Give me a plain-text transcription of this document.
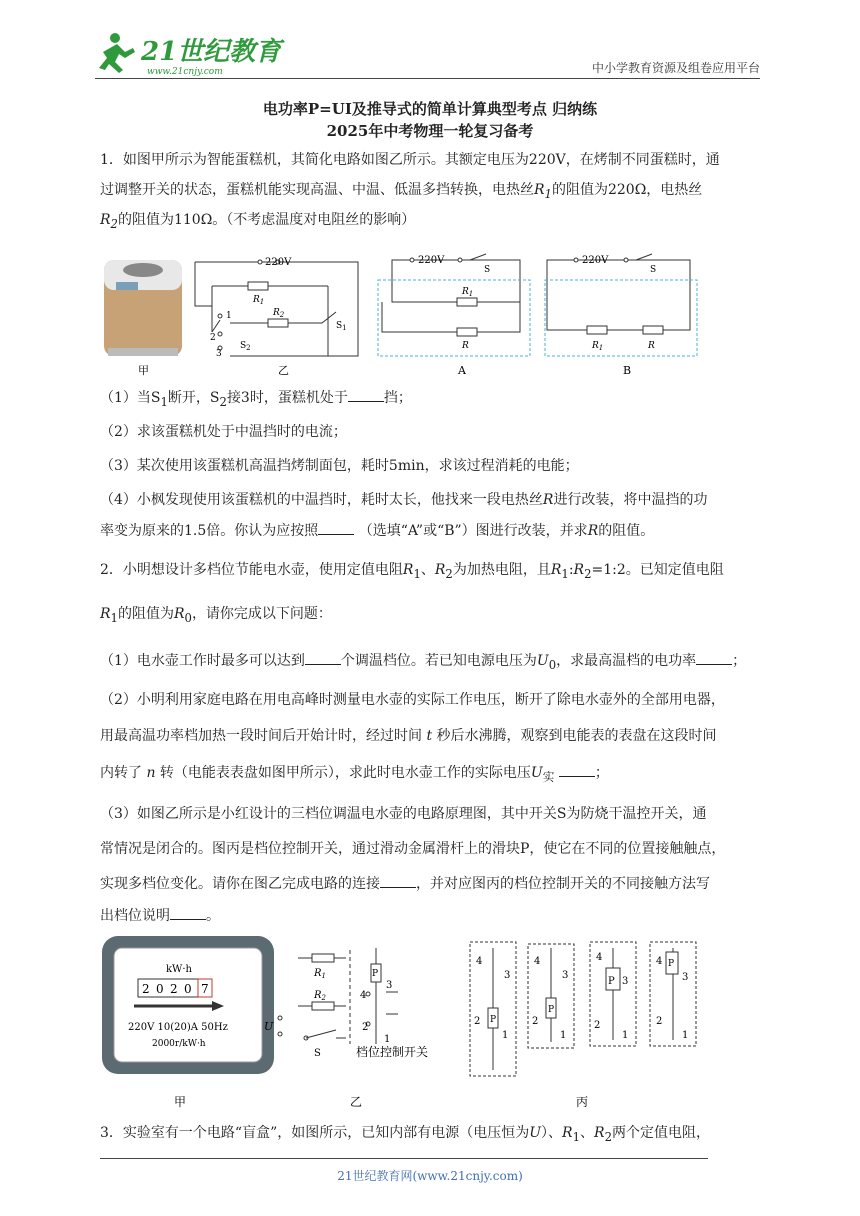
21世纪教育
www.21cnjy.com	中小学教育资源及组卷应用平台
电功率P=UI及推导式的简单计算典型考点 归纳练
2025年中考物理一轮复习备考
1．如图甲所示为智能蛋糕机，其简化电路如图乙所示。其额定电压为220V，在烤制不同蛋糕时，通
过调整开关的状态，蛋糕机能实现高温、中温、低温多挡转换，电热丝$R_1$的阻值为220Ω，电热丝
$R_2$的阻值为110Ω。（不考虑温度对电阻丝的影响）
甲
220V
$R_1$
$R_2$
$S_1$
$S_2$
1
2
3
乙
220V
S
$R_1$
R
A
220V
S
$R_1$	R
B
（1）当$S_1$断开，$S_2$接3时，蛋糕机处于	挡；
（2）求该蛋糕机处于中温挡时的电流；
（3）某次使用该蛋糕机高温挡烤制面包，耗时5min，求该过程消耗的电能；
（4）小枫发现使用该蛋糕机的中温挡时，耗时太长，他找来一段电热丝R进行改装，将中温挡的功
率变为原来的1.5倍。你认为应按照	（选填“A”或“B”）图进行改装，并求R的阻值。
2．小明想设计多档位节能电水壶，使用定值电阻$R_1$、$R_2$为加热电阻，且$R_1:R_2=1:2$。已知定值电阻
$R_1$的阻值为$R_0$，请你完成以下问题：
（1）电水壶工作时最多可以达到	个调温档位。若已知电源电压为$U_0$，求最高温档的电功率	；
（2）小明利用家庭电路在用电高峰时测量电水壶的实际工作电压，断开了除电水壶外的全部用电器，
用最高温功率档加热一段时间后开始计时，经过时间 t 秒后水沸腾，观察到电能表的表盘在这段时间
内转了 n 转（电能表表盘如图甲所示），求此时电水壶工作的实际电压$U_实$	；
（3）如图乙所示是小红设计的三档位调温电水壶的电路原理图，其中开关S为防烧干温控开关，通
常情况是闭合的。图丙是档位控制开关，通过滑动金属滑杆上的滑块P，使它在不同的位置接触触点，
实现多档位变化。请你在图乙完成电路的连接	，并对应图丙的档位控制开关的不同接触方法写
出档位说明	。
kW·h
2 0 2 0 7
220V 10(20)A 50Hz
2000r/kW·h
甲
$R_1$
$R_2$
U
S
P
4
3
2
1
档位控制开关
乙
4
3
2
1
P
4
3
2
1
P
4
3
2
1
P
4
3
2
1
P
丙
3．实验室有一个电路“盲盒”，如图所示，已知内部有电源（电压恒为U）、$R_1$、$R_2$两个定值电阻，
21世纪教育网(www.21cnjy.com)
